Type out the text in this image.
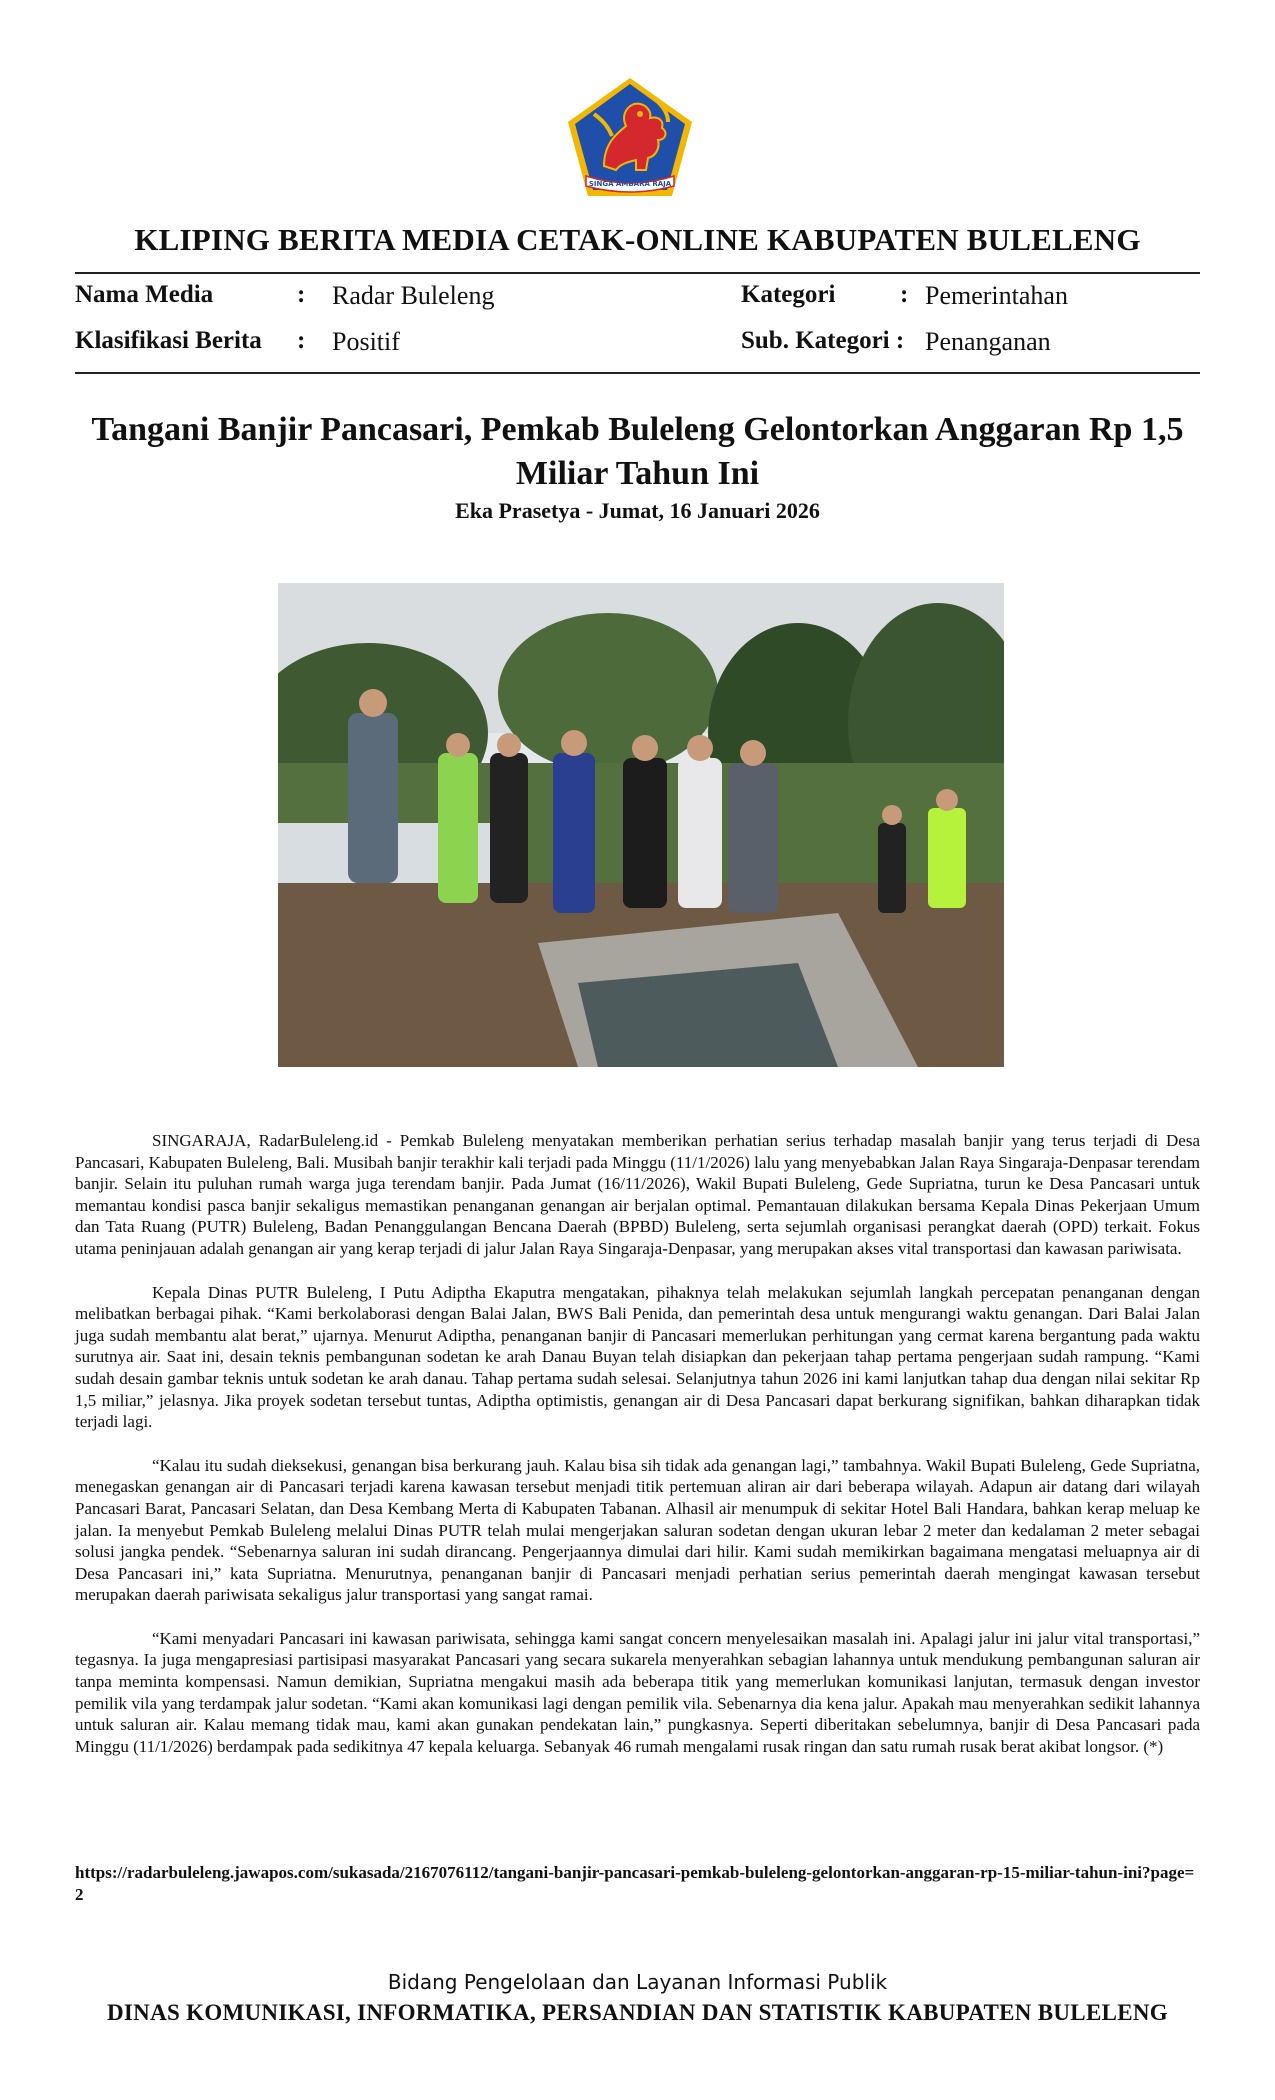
SINGA AMBARA RAJA
KLIPING BERITA MEDIA CETAK-ONLINE KABUPATEN BULELENG
Nama Media	: Radar Buleleng
Klasifikasi Berita : Positif
Kategori	: Pemerintahan
Sub. Kategori : Penanganan
Tangani Banjir Pancasari, Pemkab Buleleng Gelontorkan Anggaran Rp 1,5 Miliar Tahun Ini
Eka Prasetya - Jumat, 16 Januari 2026

SINGARAJA, RadarBuleleng.id - Pemkab Buleleng menyatakan memberikan perhatian serius terhadap masalah banjir yang terus terjadi di Desa Pancasari, Kabupaten Buleleng, Bali. Musibah banjir terakhir kali terjadi pada Minggu (11/1/2026) lalu yang menyebabkan Jalan Raya Singaraja-Denpasar terendam banjir. Selain itu puluhan rumah warga juga terendam banjir. Pada Jumat (16/11/2026), Wakil Bupati Buleleng, Gede Supriatna, turun ke Desa Pancasari untuk memantau kondisi pasca banjir sekaligus memastikan penanganan genangan air berjalan optimal. Pemantauan dilakukan bersama Kepala Dinas Pekerjaan Umum dan Tata Ruang (PUTR) Buleleng, Badan Penanggulangan Bencana Daerah (BPBD) Buleleng, serta sejumlah organisasi perangkat daerah (OPD) terkait. Fokus utama peninjauan adalah genangan air yang kerap terjadi di jalur Jalan Raya Singaraja-Denpasar, yang merupakan akses vital transportasi dan kawasan pariwisata.

Kepala Dinas PUTR Buleleng, I Putu Adiptha Ekaputra mengatakan, pihaknya telah melakukan sejumlah langkah percepatan penanganan dengan melibatkan berbagai pihak. “Kami berkolaborasi dengan Balai Jalan, BWS Bali Penida, dan pemerintah desa untuk mengurangi waktu genangan. Dari Balai Jalan juga sudah membantu alat berat,” ujarnya. Menurut Adiptha, penanganan banjir di Pancasari memerlukan perhitungan yang cermat karena bergantung pada waktu surutnya air. Saat ini, desain teknis pembangunan sodetan ke arah Danau Buyan telah disiapkan dan pekerjaan tahap pertama pengerjaan sudah rampung. “Kami sudah desain gambar teknis untuk sodetan ke arah danau. Tahap pertama sudah selesai. Selanjutnya tahun 2026 ini kami lanjutkan tahap dua dengan nilai sekitar Rp 1,5 miliar,” jelasnya. Jika proyek sodetan tersebut tuntas, Adiptha optimistis, genangan air di Desa Pancasari dapat berkurang signifikan, bahkan diharapkan tidak terjadi lagi.

“Kalau itu sudah dieksekusi, genangan bisa berkurang jauh. Kalau bisa sih tidak ada genangan lagi,” tambahnya. Wakil Bupati Buleleng, Gede Supriatna, menegaskan genangan air di Pancasari terjadi karena kawasan tersebut menjadi titik pertemuan aliran air dari beberapa wilayah. Adapun air datang dari wilayah Pancasari Barat, Pancasari Selatan, dan Desa Kembang Merta di Kabupaten Tabanan. Alhasil air menumpuk di sekitar Hotel Bali Handara, bahkan kerap meluap ke jalan. Ia menyebut Pemkab Buleleng melalui Dinas PUTR telah mulai mengerjakan saluran sodetan dengan ukuran lebar 2 meter dan kedalaman 2 meter sebagai solusi jangka pendek. “Sebenarnya saluran ini sudah dirancang. Pengerjaannya dimulai dari hilir. Kami sudah memikirkan bagaimana mengatasi meluapnya air di Desa Pancasari ini,” kata Supriatna. Menurutnya, penanganan banjir di Pancasari menjadi perhatian serius pemerintah daerah mengingat kawasan tersebut merupakan daerah pariwisata sekaligus jalur transportasi yang sangat ramai.

“Kami menyadari Pancasari ini kawasan pariwisata, sehingga kami sangat concern menyelesaikan masalah ini. Apalagi jalur ini jalur vital transportasi,” tegasnya. Ia juga mengapresiasi partisipasi masyarakat Pancasari yang secara sukarela menyerahkan sebagian lahannya untuk mendukung pembangunan saluran air tanpa meminta kompensasi. Namun demikian, Supriatna mengakui masih ada beberapa titik yang memerlukan komunikasi lanjutan, termasuk dengan investor pemilik vila yang terdampak jalur sodetan. “Kami akan komunikasi lagi dengan pemilik vila. Sebenarnya dia kena jalur. Apakah mau menyerahkan sedikit lahannya untuk saluran air. Kalau memang tidak mau, kami akan gunakan pendekatan lain,” pungkasnya. Seperti diberitakan sebelumnya, banjir di Desa Pancasari pada Minggu (11/1/2026) berdampak pada sedikitnya 47 kepala keluarga. Sebanyak 46 rumah mengalami rusak ringan dan satu rumah rusak berat akibat longsor. (*)

https://radarbuleleng.jawapos.com/sukasada/2167076112/tangani-banjir-pancasari-pemkab-buleleng-gelontorkan-anggaran-rp-15-miliar-tahun-ini?page=2
Bidang Pengelolaan dan Layanan Informasi Publik
DINAS KOMUNIKASI, INFORMATIKA, PERSANDIAN DAN STATISTIK KABUPATEN BULELENG
